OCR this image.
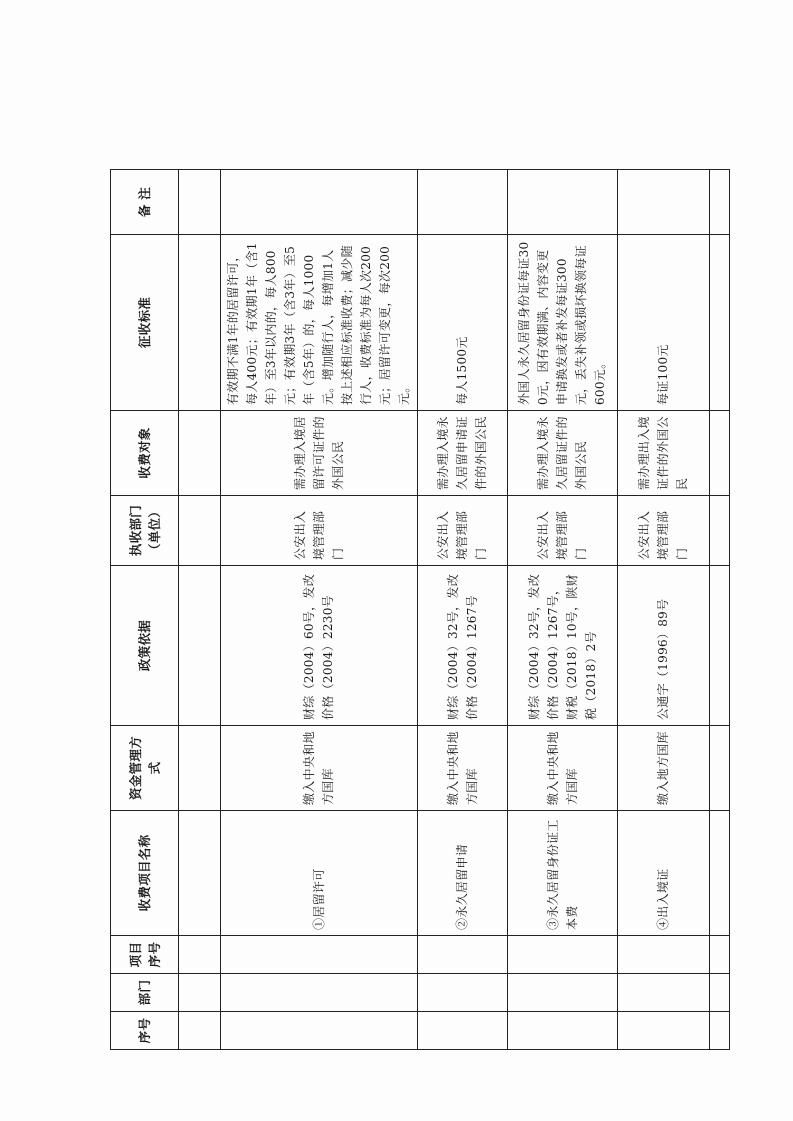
序号	部门	项目序号	收费项目名称	资金管理方式	政策依据	执收部门（单位）	收费对象	征收标准	备 注

			①居留许可	缴入中央和地方国库	财综（2004）60号，发改价格（2004）2230号	公安出入境管理部门	需办理入境居留许可证件的外国公民	有效期不满1年的居留许可，每人400元；有效期1年（含1年）至3年以内的，每人800元；有效期3年（含3年）至5年（含5年）的，每人1000元。增加随行人，每增加1人按上述相应标准收费；减少随行人，收费标准为每人次200元；居留许可变更，每次200元。	
			②永久居留申请	缴入中央和地方国库	财综（2004）32号，发改价格（2004）1267号	公安出入境管理部门	需办理入境永久居留申请证件的外国公民	每人1500元	
			③永久居留身份证工本费	缴入中央和地方国库	财综（2004）32号，发改价格（2004）1267号，财税（2018）10号，陕财税（2018）2号	公安出入境管理部门	需办理入境永久居留证件的外国公民	外国人永久居留身份证每证300元，因有效期满、内容变更申请换发或者补发每证300元，丢失补领或损坏换领每证600元。	
			④出入境证	缴入地方国库	公通字（1996）89号	公安出入境管理部门	需办理出入境证件的外国公民	每证100元	
